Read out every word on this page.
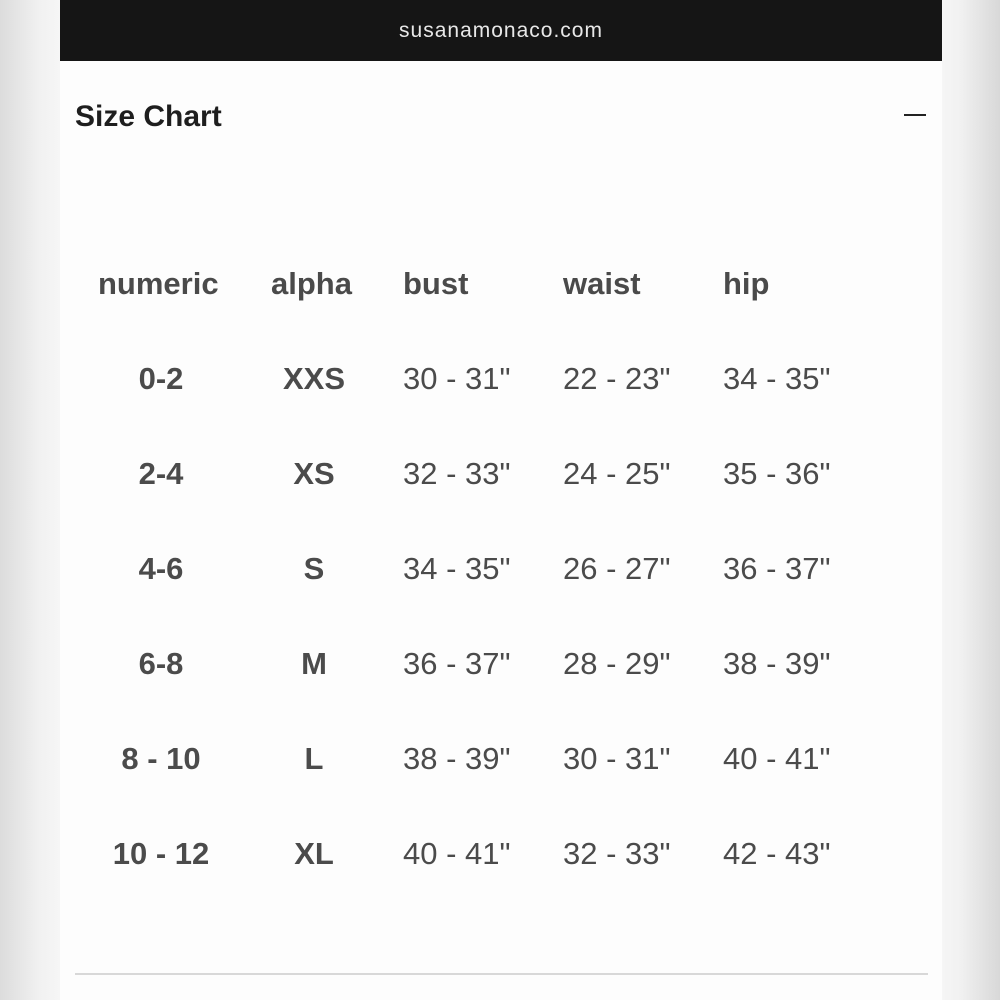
susanamonaco.com
Size Chart
numeric alpha bust	waist	hip
0-2	XXS 30 - 31" 22 - 23" 34 - 35"
2-4	XS 32 - 33" 24 - 25" 35 - 36"
4-6	S	34 - 35" 26 - 27" 36 - 37"
6-8	M 36 - 37" 28 - 29" 38 - 39"
8 - 10	L	38 - 39" 30 - 31" 40 - 41"
10 - 12	XL 40 - 41" 32 - 33" 42 - 43"
